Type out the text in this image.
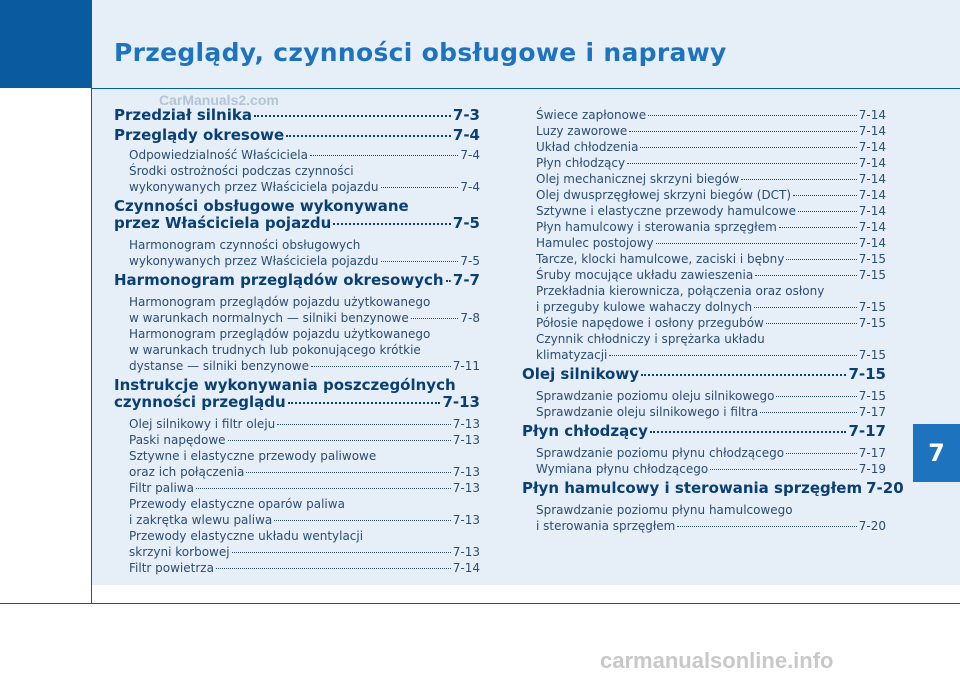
Przeglądy, czynności obsługowe i naprawy
CarManuals2.com
7
Przedział silnika	7-3
Przeglądy okresowe	7-4
Odpowiedzialność Właściciela	7-4
Środki ostrożności podczas czynności
wykonywanych przez Właściciela pojazdu	7-4
Czynności obsługowe wykonywane
przez Właściciela pojazdu	7-5
Harmonogram czynności obsługowych
wykonywanych przez Właściciela pojazdu	7-5
Harmonogram przeglądów okresowych 7-7
Harmonogram przeglądów pojazdu użytkowanego
w warunkach normalnych — silniki benzynowe	7-8
Harmonogram przeglądów pojazdu użytkowanego
w warunkach trudnych lub pokonującego krótkie
dystanse — silniki benzynowe	7-11
Instrukcje wykonywania poszczególnych
czynności przeglądu	7-13
Olej silnikowy i filtr oleju	7-13
Paski napędowe	7-13
Sztywne i elastyczne przewody paliwowe
oraz ich połączenia	7-13
Filtr paliwa	7-13
Przewody elastyczne oparów paliwa
i zakrętka wlewu paliwa	7-13
Przewody elastyczne układu wentylacji
skrzyni korbowej	7-13
Filtr powietrza	7-14
Świece zapłonowe	7-14
Luzy zaworowe	7-14
Układ chłodzenia	7-14
Płyn chłodzący	7-14
Olej mechanicznej skrzyni biegów	7-14
Olej dwusprzęgłowej skrzyni biegów (DCT)	7-14
Sztywne i elastyczne przewody hamulcowe	7-14
Płyn hamulcowy i sterowania sprzęgłem	7-14
Hamulec postojowy	7-14
Tarcze, klocki hamulcowe, zaciski i bębny	7-15
Śruby mocujące układu zawieszenia	7-15
Przekładnia kierownicza, połączenia oraz osłony
i przeguby kulowe wahaczy dolnych	7-15
Półosie napędowe i osłony przegubów	7-15
Czynnik chłodniczy i sprężarka układu
klimatyzacji	7-15
Olej silnikowy	7-15
Sprawdzanie poziomu oleju silnikowego	7-15
Sprawdzanie oleju silnikowego i filtra	7-17
Płyn chłodzący	7-17
Sprawdzanie poziomu płynu chłodzącego	7-17
Wymiana płynu chłodzącego	7-19
Płyn hamulcowy i sterowania sprzęgłem 7-20
Sprawdzanie poziomu płynu hamulcowego
i sterowania sprzęgłem	7-20
carmanualsonline.info
